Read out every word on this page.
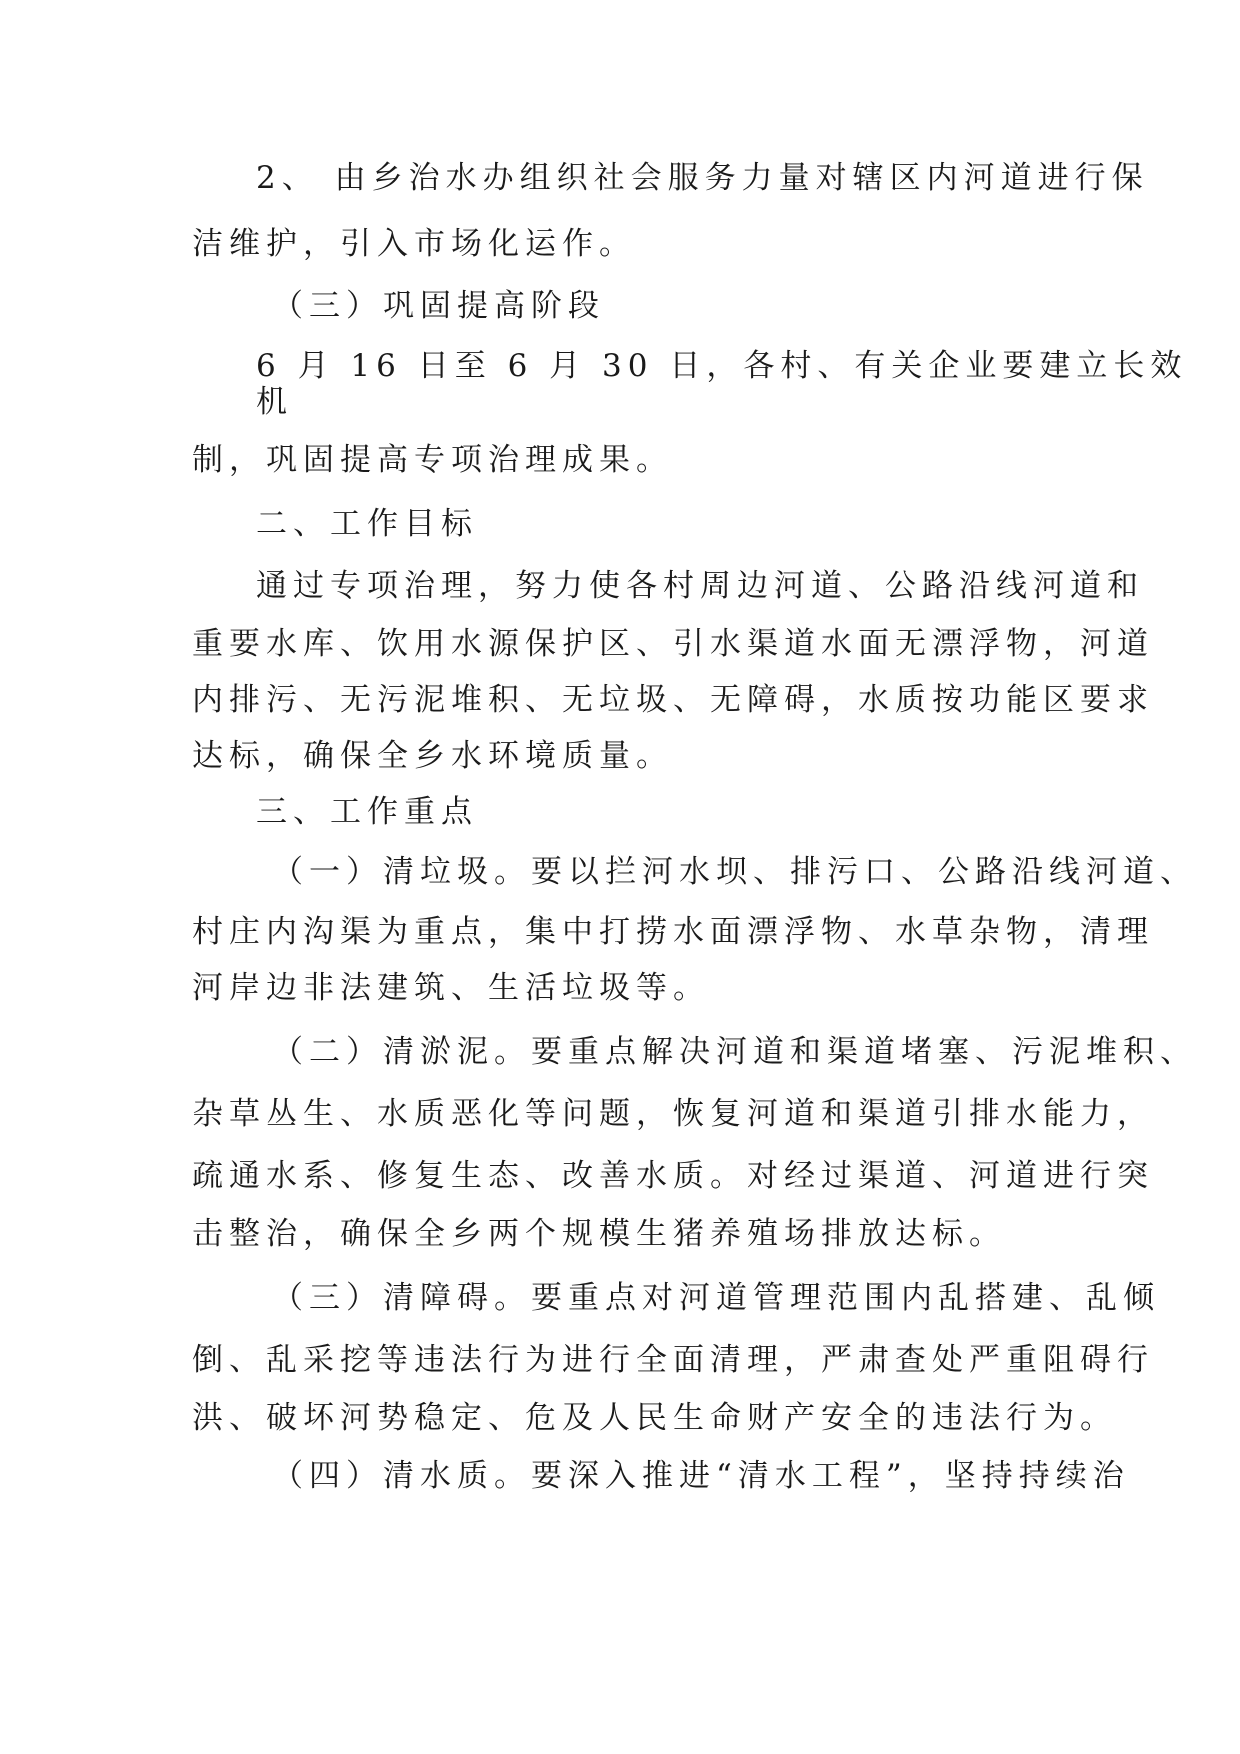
2、 由乡治水办组织社会服务力量对辖区内河道进行保
洁维护，引入市场化运作。
（三）巩固提高阶段
6 月 16 日至 6 月 30 日，各村、有关企业要建立长效
机
制，巩固提高专项治理成果。
二、工作目标
通过专项治理，努力使各村周边河道、公路沿线河道和
重要水库、饮用水源保护区、引水渠道水面无漂浮物，河道
内排污、无污泥堆积、无垃圾、无障碍，水质按功能区要求
达标，确保全乡水环境质量。
三、工作重点
（一）清垃圾。要以拦河水坝、排污口、公路沿线河道、
村庄内沟渠为重点，集中打捞水面漂浮物、水草杂物，清理
河岸边非法建筑、生活垃圾等。
（二）清淤泥。要重点解决河道和渠道堵塞、污泥堆积、
杂草丛生、水质恶化等问题，恢复河道和渠道引排水能力，
疏通水系、修复生态、改善水质。对经过渠道、河道进行突
击整治，确保全乡两个规模生猪养殖场排放达标。
（三）清障碍。要重点对河道管理范围内乱搭建、乱倾
倒、乱采挖等违法行为进行全面清理，严肃查处严重阻碍行
洪、破坏河势稳定、危及人民生命财产安全的违法行为。
（四）清水质。要深入推进“清水工程”，坚持持续治
